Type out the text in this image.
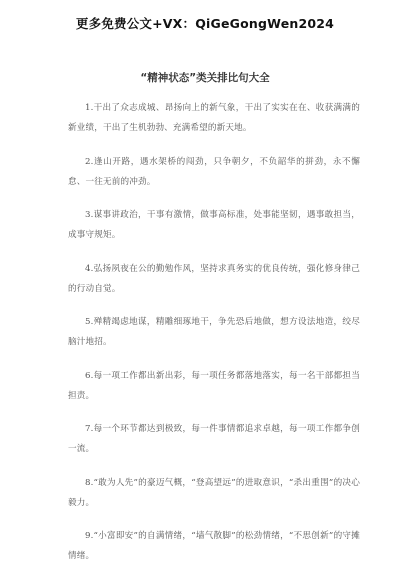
更多免费公文+VX：QiGeGongWen2024
“精神状态”类关排比句大全

1.干出了众志成城、昂扬向上的新气象，干出了实实在在、收获满满的新业绩，干出了生机勃勃、充满希望的新天地。

2.逢山开路，遇水架桥的闯劲，只争朝夕，不负韶华的拼劲，永不懈怠、一往无前的冲劲。

3.谋事讲政治，干事有激情，做事高标准，处事能坚韧，遇事敢担当，成事守规矩。

4.弘扬夙夜在公的勤勉作风，坚持求真务实的优良传统，强化修身律己的行动自觉。

5.殚精竭虑地谋，精雕细琢地干，争先恐后地做，想方设法地造，绞尽脑汁地招。

6.每一项工作都出新出彩，每一项任务都落地落实，每一名干部都担当担责。

7.每一个环节都达到极致，每一件事情都追求卓越，每一项工作都争创一流。

8.“敢为人先”的豪迈气概，“登高望远”的进取意识，“杀出重围”的决心毅力。

9.“小富即安”的自满情绪，“墙气散脚”的松劲情绪，“不思创新”的守摊情绪。
